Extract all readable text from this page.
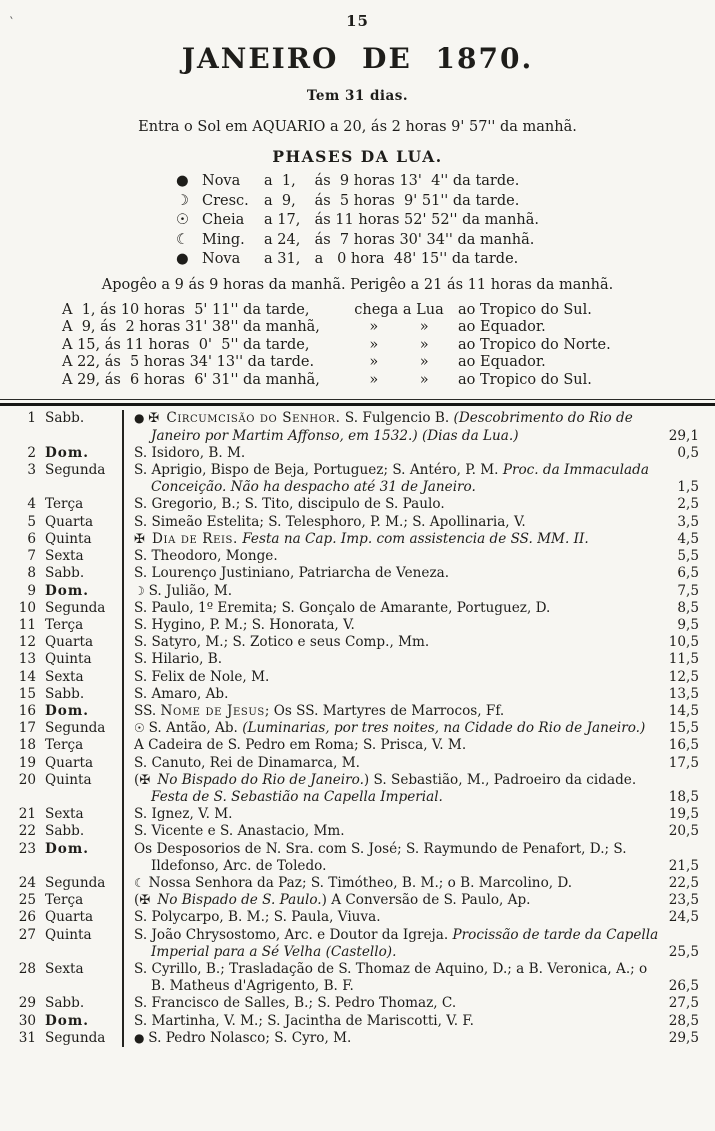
`	15
JANEIRO DE 1870.
Tem 31 dias.
Entra o Sol em AQUARIO a 20, ás 2 horas 9' 57'' da manhã.
PHASES DA LUA.
● Nova	a  1, ás  9 horas 13'  4'' da tarde.
☽ Cresc.	a  9, ás  5 horas  9' 51'' da tarde.
☉ Cheia	a 17, ás 11 horas 52' 52'' da manhã.
☾ Ming.	a 24, ás  7 horas 30' 34'' da manhã.
● Nova	a 31, a   0 hora  48' 15'' da tarde.
Apogêo a 9 ás 9 horas da manhã. Perigêo a 21 ás 11 horas da manhã.
A  1, ás 10 horas  5' 11'' da tarde,	chega a Lua ao Tropico do Sul.
A  9, ás  2 horas 31' 38'' da manhã,	»         »	ao Equador.
A 15, ás 11 horas  0'  5'' da tarde,	»         »	ao Tropico do Norte.
A 22, ás  5 horas 34' 13'' da tarde.	»         »	ao Equador.
A 29, ás  6 horas  6' 31'' da manhã,	»         »	ao Tropico do Sul.
1 Sabb.	● ✠ Circumcisão do Senhor. S. Fulgencio B. (Descobrimento do Rio de Janeiro por Martim Affonso, em 1532.) (Dias da Lua.)	29,1
2 Dom.	S. Isidoro, B. M.	0,5
3 Segunda	S. Aprigio, Bispo de Beja, Portuguez; S. Antéro, P. M. Proc. da Immaculada Conceição. Não ha despacho até 31 de Janeiro.	1,5
4 Terça	S. Gregorio, B.; S. Tito, discipulo de S. Paulo.	2,5
5 Quarta	S. Simeão Estelita; S. Telesphoro, P. M.; S. Apollinaria, V.	3,5
6 Quinta	✠ Dia de Reis. Festa na Cap. Imp. com assistencia de SS. MM. II.	4,5
7 Sexta	S. Theodoro, Monge.	5,5
8 Sabb.	S. Lourenço Justiniano, Patriarcha de Veneza.	6,5
9 Dom.	☽ S. Julião, M.	7,5
10 Segunda	S. Paulo, 1º Eremita; S. Gonçalo de Amarante, Portuguez, D.	8,5
11 Terça	S. Hygino, P. M.; S. Honorata, V.	9,5
12 Quarta	S. Satyro, M.; S. Zotico e seus Comp., Mm.	10,5
13 Quinta	S. Hilario, B.	11,5
14 Sexta	S. Felix de Nole, M.	12,5
15 Sabb.	S. Amaro, Ab.	13,5
16 Dom.	SS. Nome de Jesus; Os SS. Martyres de Marrocos, Ff.	14,5
17 Segunda	☉ S. Antão, Ab. (Luminarias, por tres noites, na Cidade do Rio de Janeiro.)	15,5
18 Terça	A Cadeira de S. Pedro em Roma; S. Prisca, V. M.	16,5
19 Quarta	S. Canuto, Rei de Dinamarca, M.	17,5
20 Quinta	(✠ No Bispado do Rio de Janeiro.) S. Sebastião, M., Padroeiro da cidade. Festa de S. Sebastião na Capella Imperial.	18,5
21 Sexta	S. Ignez, V. M.	19,5
22 Sabb.	S. Vicente e S. Anastacio, Mm.	20,5
23 Dom.	Os Desposorios de N. Sra. com S. José; S. Raymundo de Penafort, D.; S. Ildefonso, Arc. de Toledo.	21,5
24 Segunda	☾ Nossa Senhora da Paz; S. Timótheo, B. M.; o B. Marcolino, D.	22,5
25 Terça	(✠ No Bispado de S. Paulo.) A Conversão de S. Paulo, Ap.	23,5
26 Quarta	S. Polycarpo, B. M.; S. Paula, Viuva.	24,5
27 Quinta	S. João Chrysostomo, Arc. e Doutor da Igreja. Procissão de tarde da Capella Imperial para a Sé Velha (Castello).	25,5
28 Sexta	S. Cyrillo, B.; Trasladação de S. Thomaz de Aquino, D.; a B. Veronica, A.; o B. Matheus d'Agrigento, B. F.	26,5
29 Sabb.	S. Francisco de Salles, B.; S. Pedro Thomaz, C.	27,5
30 Dom.	S. Martinha, V. M.; S. Jacintha de Mariscotti, V. F.	28,5
31 Segunda	● S. Pedro Nolasco; S. Cyro, M.	29,5
